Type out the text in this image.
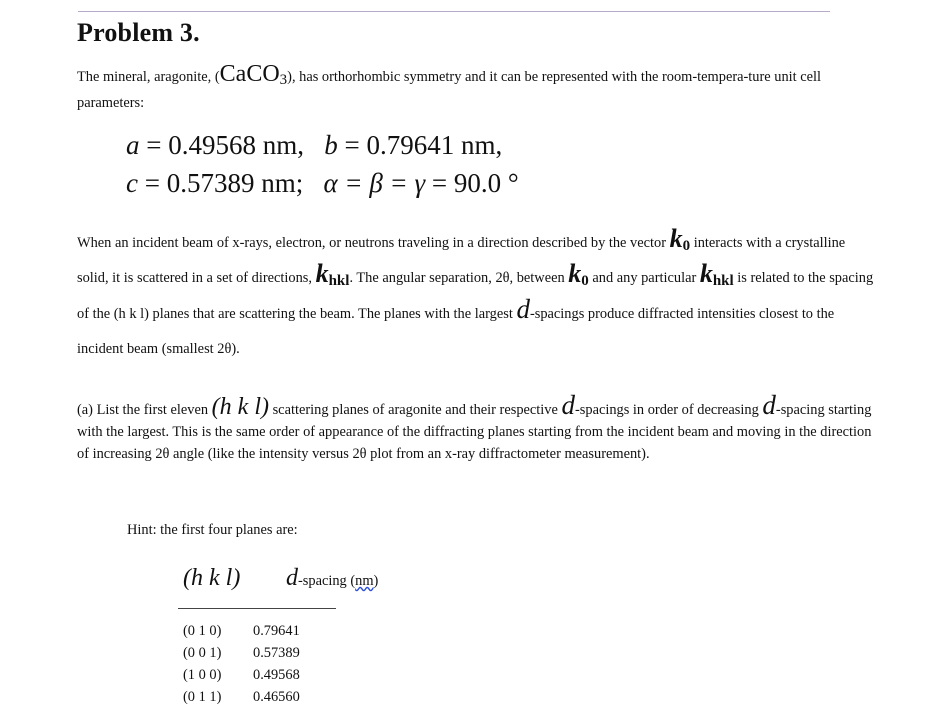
Problem 3.

The mineral, aragonite, (CaCO$_3$), has orthorhombic symmetry and it can be represented with the room-tempera-ture unit cell parameters:

a = 0.49568 nm,   b = 0.79641 nm,
c = 0.57389 nm;   α = β = γ = 90.0 °

When an incident beam of x-rays, electron, or neutrons traveling in a direction described by the vector $k_0$ interacts with a crystalline solid, it is scattered in a set of directions, $k_{hkl}$. The angular separation, 2θ, between $k_0$ and any particular $k_{hkl}$ is related to the spacing of the (h k l) planes that are scattering the beam. The planes with the largest d-spacings produce diffracted intensities closest to the incident beam (smallest 2θ).

(a) List the first eleven (h k l) scattering planes of aragonite and their respective d-spacings in order of decreasing d-spacing starting with the largest. This is the same order of appearance of the diffracting planes starting from the incident beam and moving in the direction of increasing 2θ angle (like the intensity versus 2θ plot from an x-ray diffractometer measurement).

Hint: the first four planes are:

(h k l) d-spacing (nm)
(0 1 0)	0.79641
(0 0 1)	0.57389
(1 0 0)	0.49568
(0 1 1)	0.46560
